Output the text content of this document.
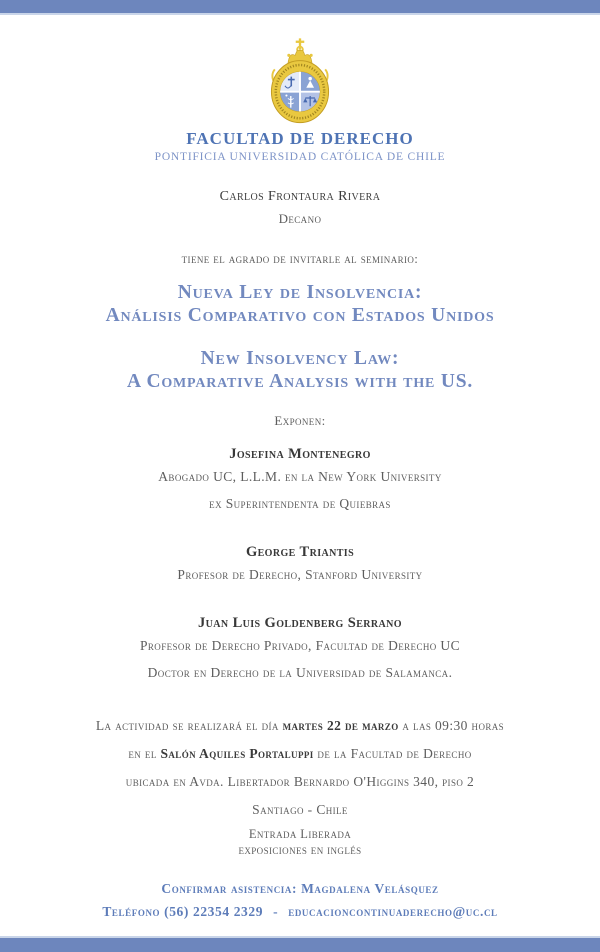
FACULTAD DE DERECHO
PONTIFICIA UNIVERSIDAD CATÓLICA DE CHILE
Carlos Frontaura Rivera
Decano
tiene el agrado de invitarle al seminario:
Nueva Ley de Insolvencia:
Análisis Comparativo con Estados Unidos
New Insolvency Law:
A Comparative Analysis with the US.
Exponen:
Josefina Montenegro
Abogado UC, L.L.M. en la New York University
ex Superintendenta de Quiebras
George Triantis
Profesor de Derecho, Stanford University
Juan Luis Goldenberg Serrano
Profesor de Derecho Privado, Facultad de Derecho UC
Doctor en Derecho de la Universidad de Salamanca.
La actividad se realizará el día martes 22 de marzo a las 09:30 horas
en el Salón Aquiles Portaluppi de la Facultad de Derecho
ubicada en Avda. Libertador Bernardo O'Higgins 340, piso 2
Santiago - Chile
Entrada Liberada
exposiciones en inglés
Confirmar asistencia: Magdalena Velásquez
Teléfono (56) 22354 2329 - educacioncontinuaderecho@uc.cl
